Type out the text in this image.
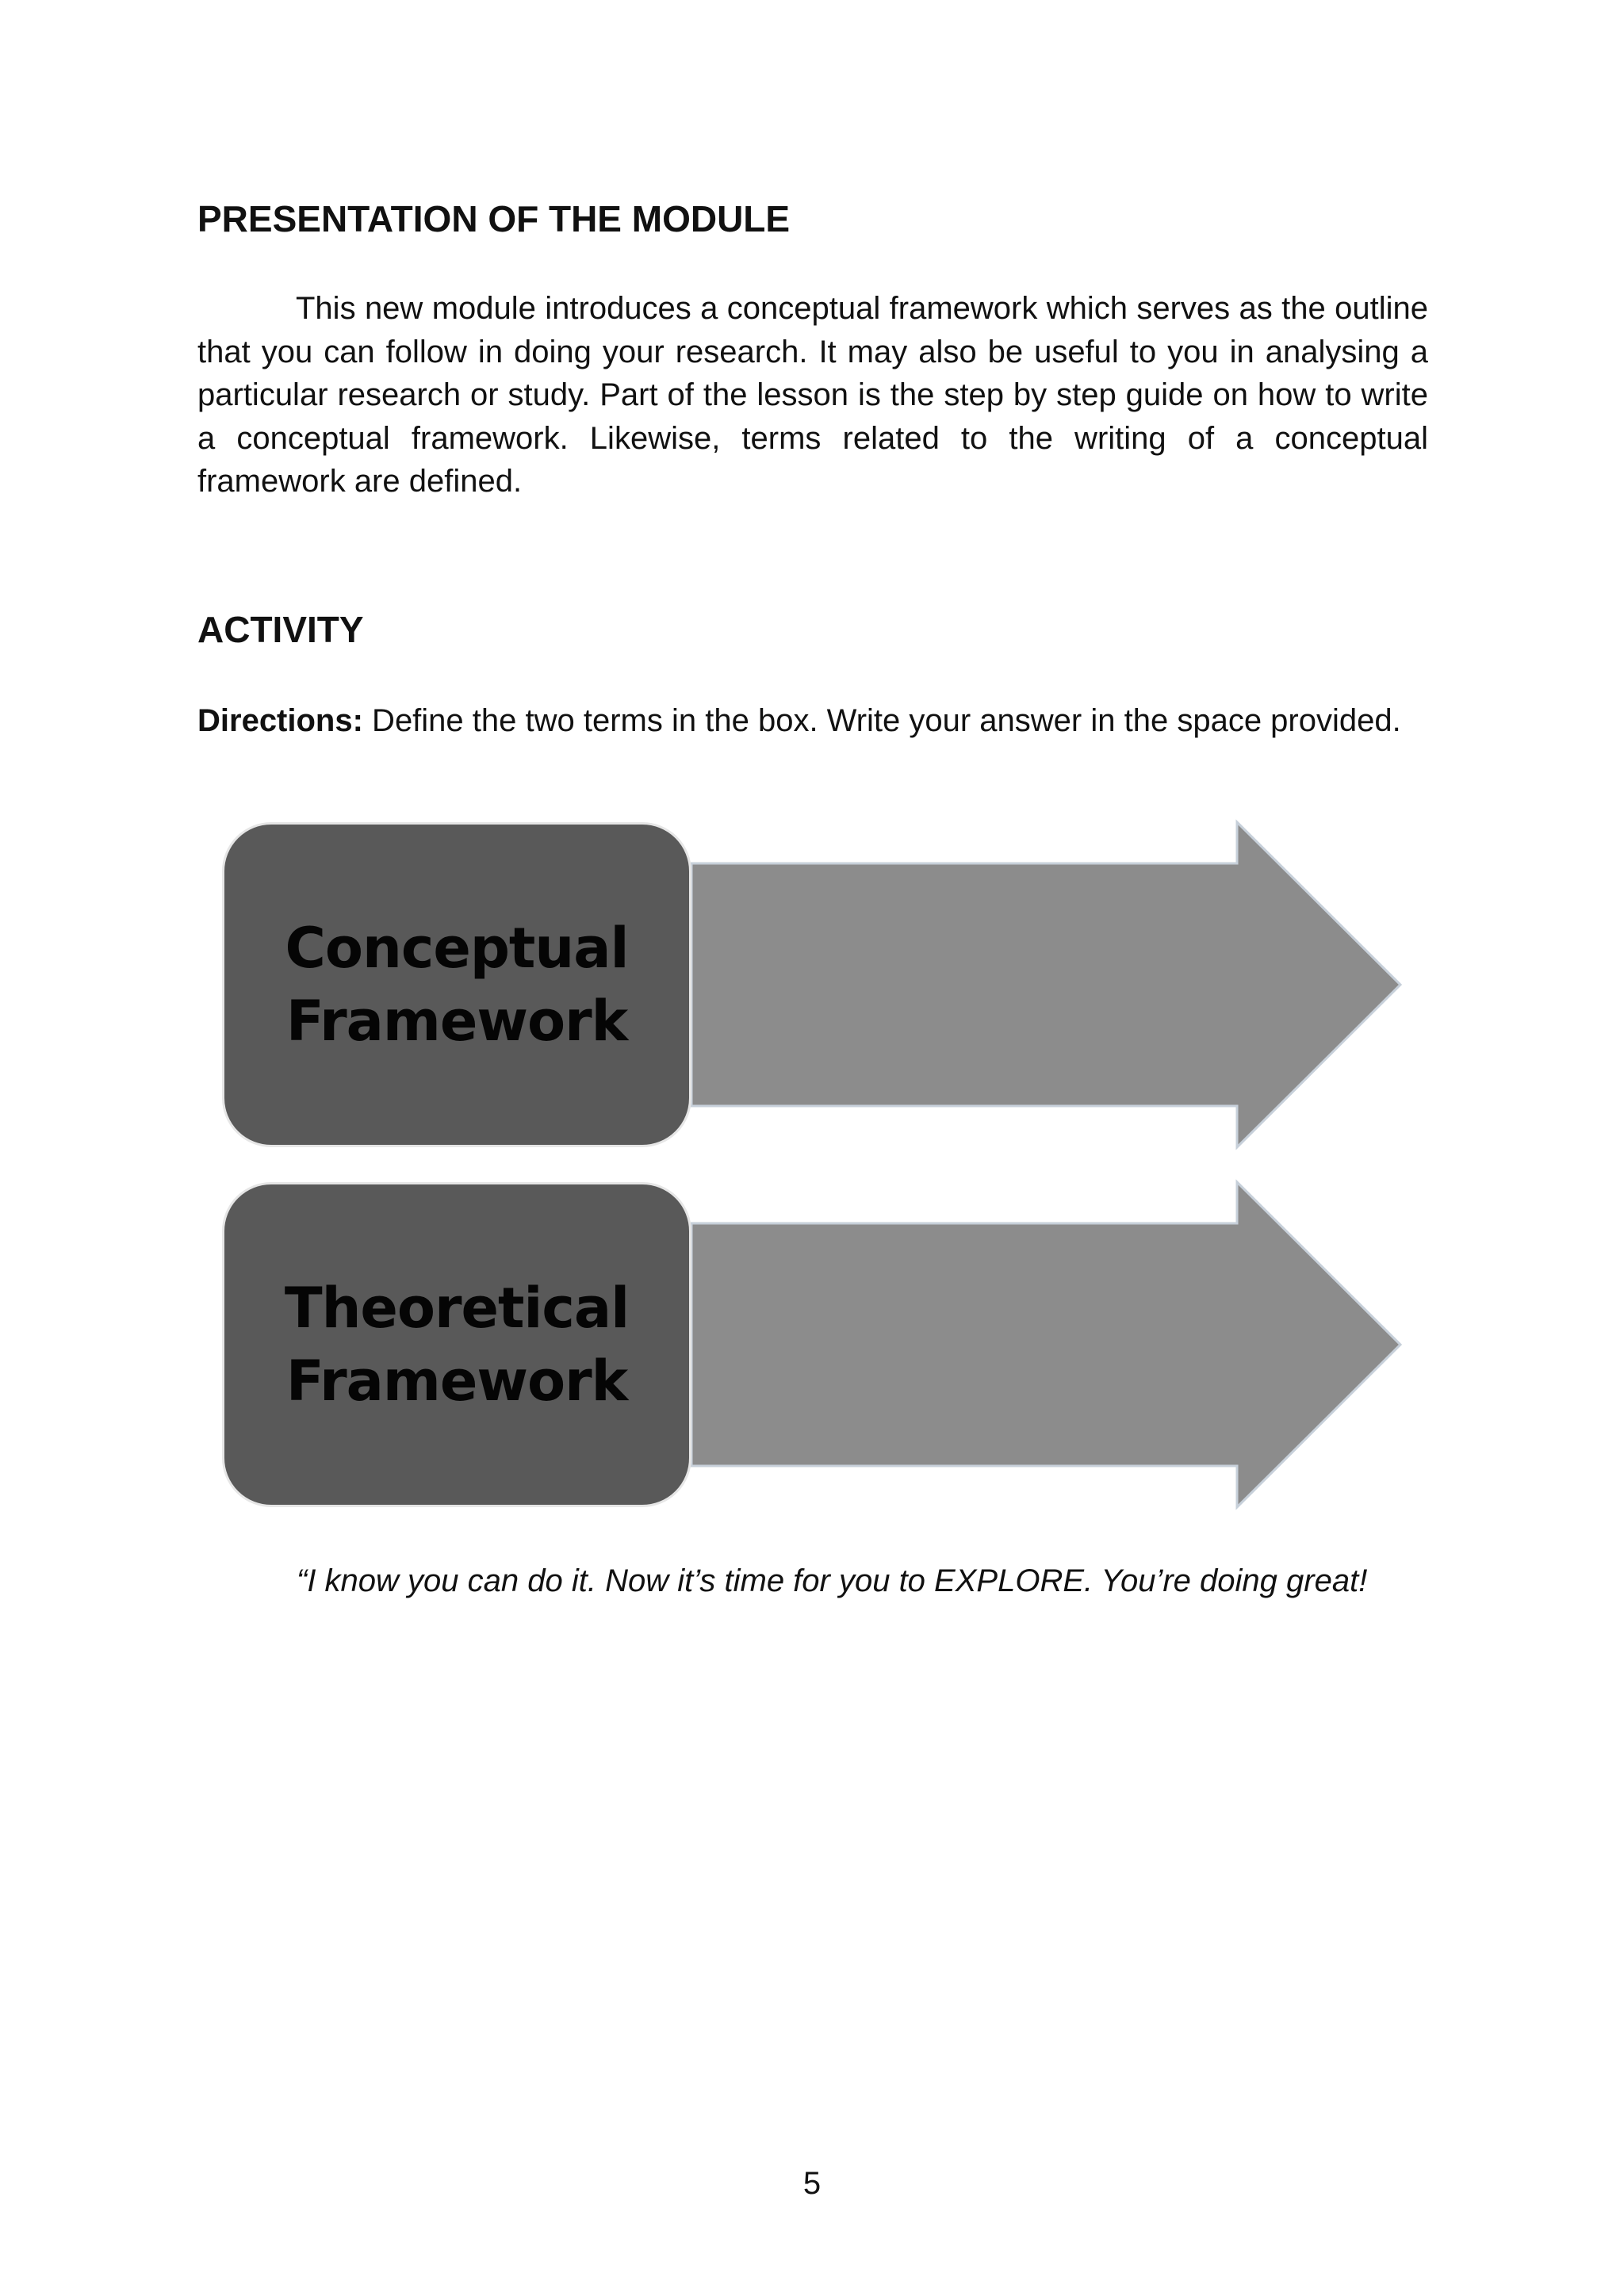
PRESENTATION OF THE MODULE

This new module introduces a conceptual framework which serves as the outline that you can follow in doing your research. It may also be useful to you in analysing a particular research or study. Part of the lesson is the step by step guide on how to write a conceptual framework. Likewise, terms related to the writing of a conceptual framework are defined.

ACTIVITY

Directions: Define the two terms in the box. Write your answer in the space provided.

Conceptual
Framework
Theoretical
Framework

“I know you can do it. Now it’s time for you to EXPLORE. You’re doing great!

5
